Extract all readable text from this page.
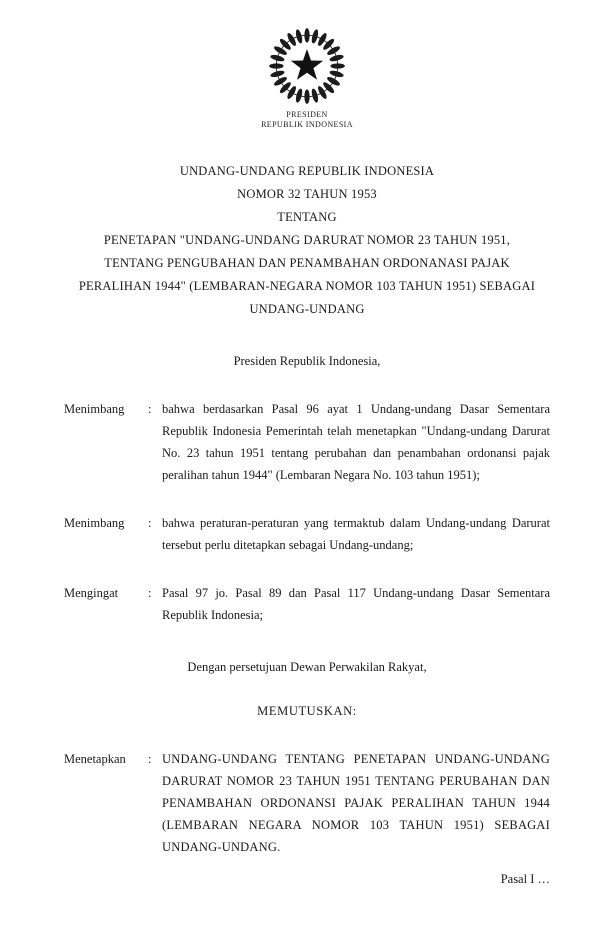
PRESIDEN
REPUBLIK INDONESIA
UNDANG-UNDANG REPUBLIK INDONESIA
NOMOR 32 TAHUN 1953
TENTANG
PENETAPAN "UNDANG-UNDANG DARURAT NOMOR 23 TAHUN 1951,
TENTANG PENGUBAHAN DAN PENAMBAHAN ORDONANASI PAJAK
PERALIHAN 1944" (LEMBARAN-NEGARA NOMOR 103 TAHUN 1951) SEBAGAI
UNDANG-UNDANG
Presiden Republik Indonesia,
Menimbang	: bahwa berdasarkan Pasal 96 ayat 1 Undang-undang Dasar Sementara Republik Indonesia Pemerintah telah menetapkan "Undang-undang Darurat No. 23 tahun 1951 tentang perubahan dan penambahan ordonansi pajak peralihan tahun 1944" (Lembaran Negara No. 103 tahun 1951);
Menimbang	: bahwa peraturan-peraturan yang termaktub dalam Undang-undang Darurat tersebut perlu ditetapkan sebagai Undang-undang;
Mengingat	: Pasal 97 jo. Pasal 89 dan Pasal 117 Undang-undang Dasar Sementara Republik Indonesia;
Dengan persetujuan Dewan Perwakilan Rakyat,
MEMUTUSKAN:
Menetapkan	: UNDANG-UNDANG TENTANG PENETAPAN UNDANG-UNDANG DARURAT NOMOR 23 TAHUN 1951 TENTANG PERUBAHAN DAN PENAMBAHAN ORDONANSI PAJAK PERALIHAN TAHUN 1944 (LEMBARAN NEGARA NOMOR 103 TAHUN 1951) SEBAGAI UNDANG-UNDANG.
Pasal I …
